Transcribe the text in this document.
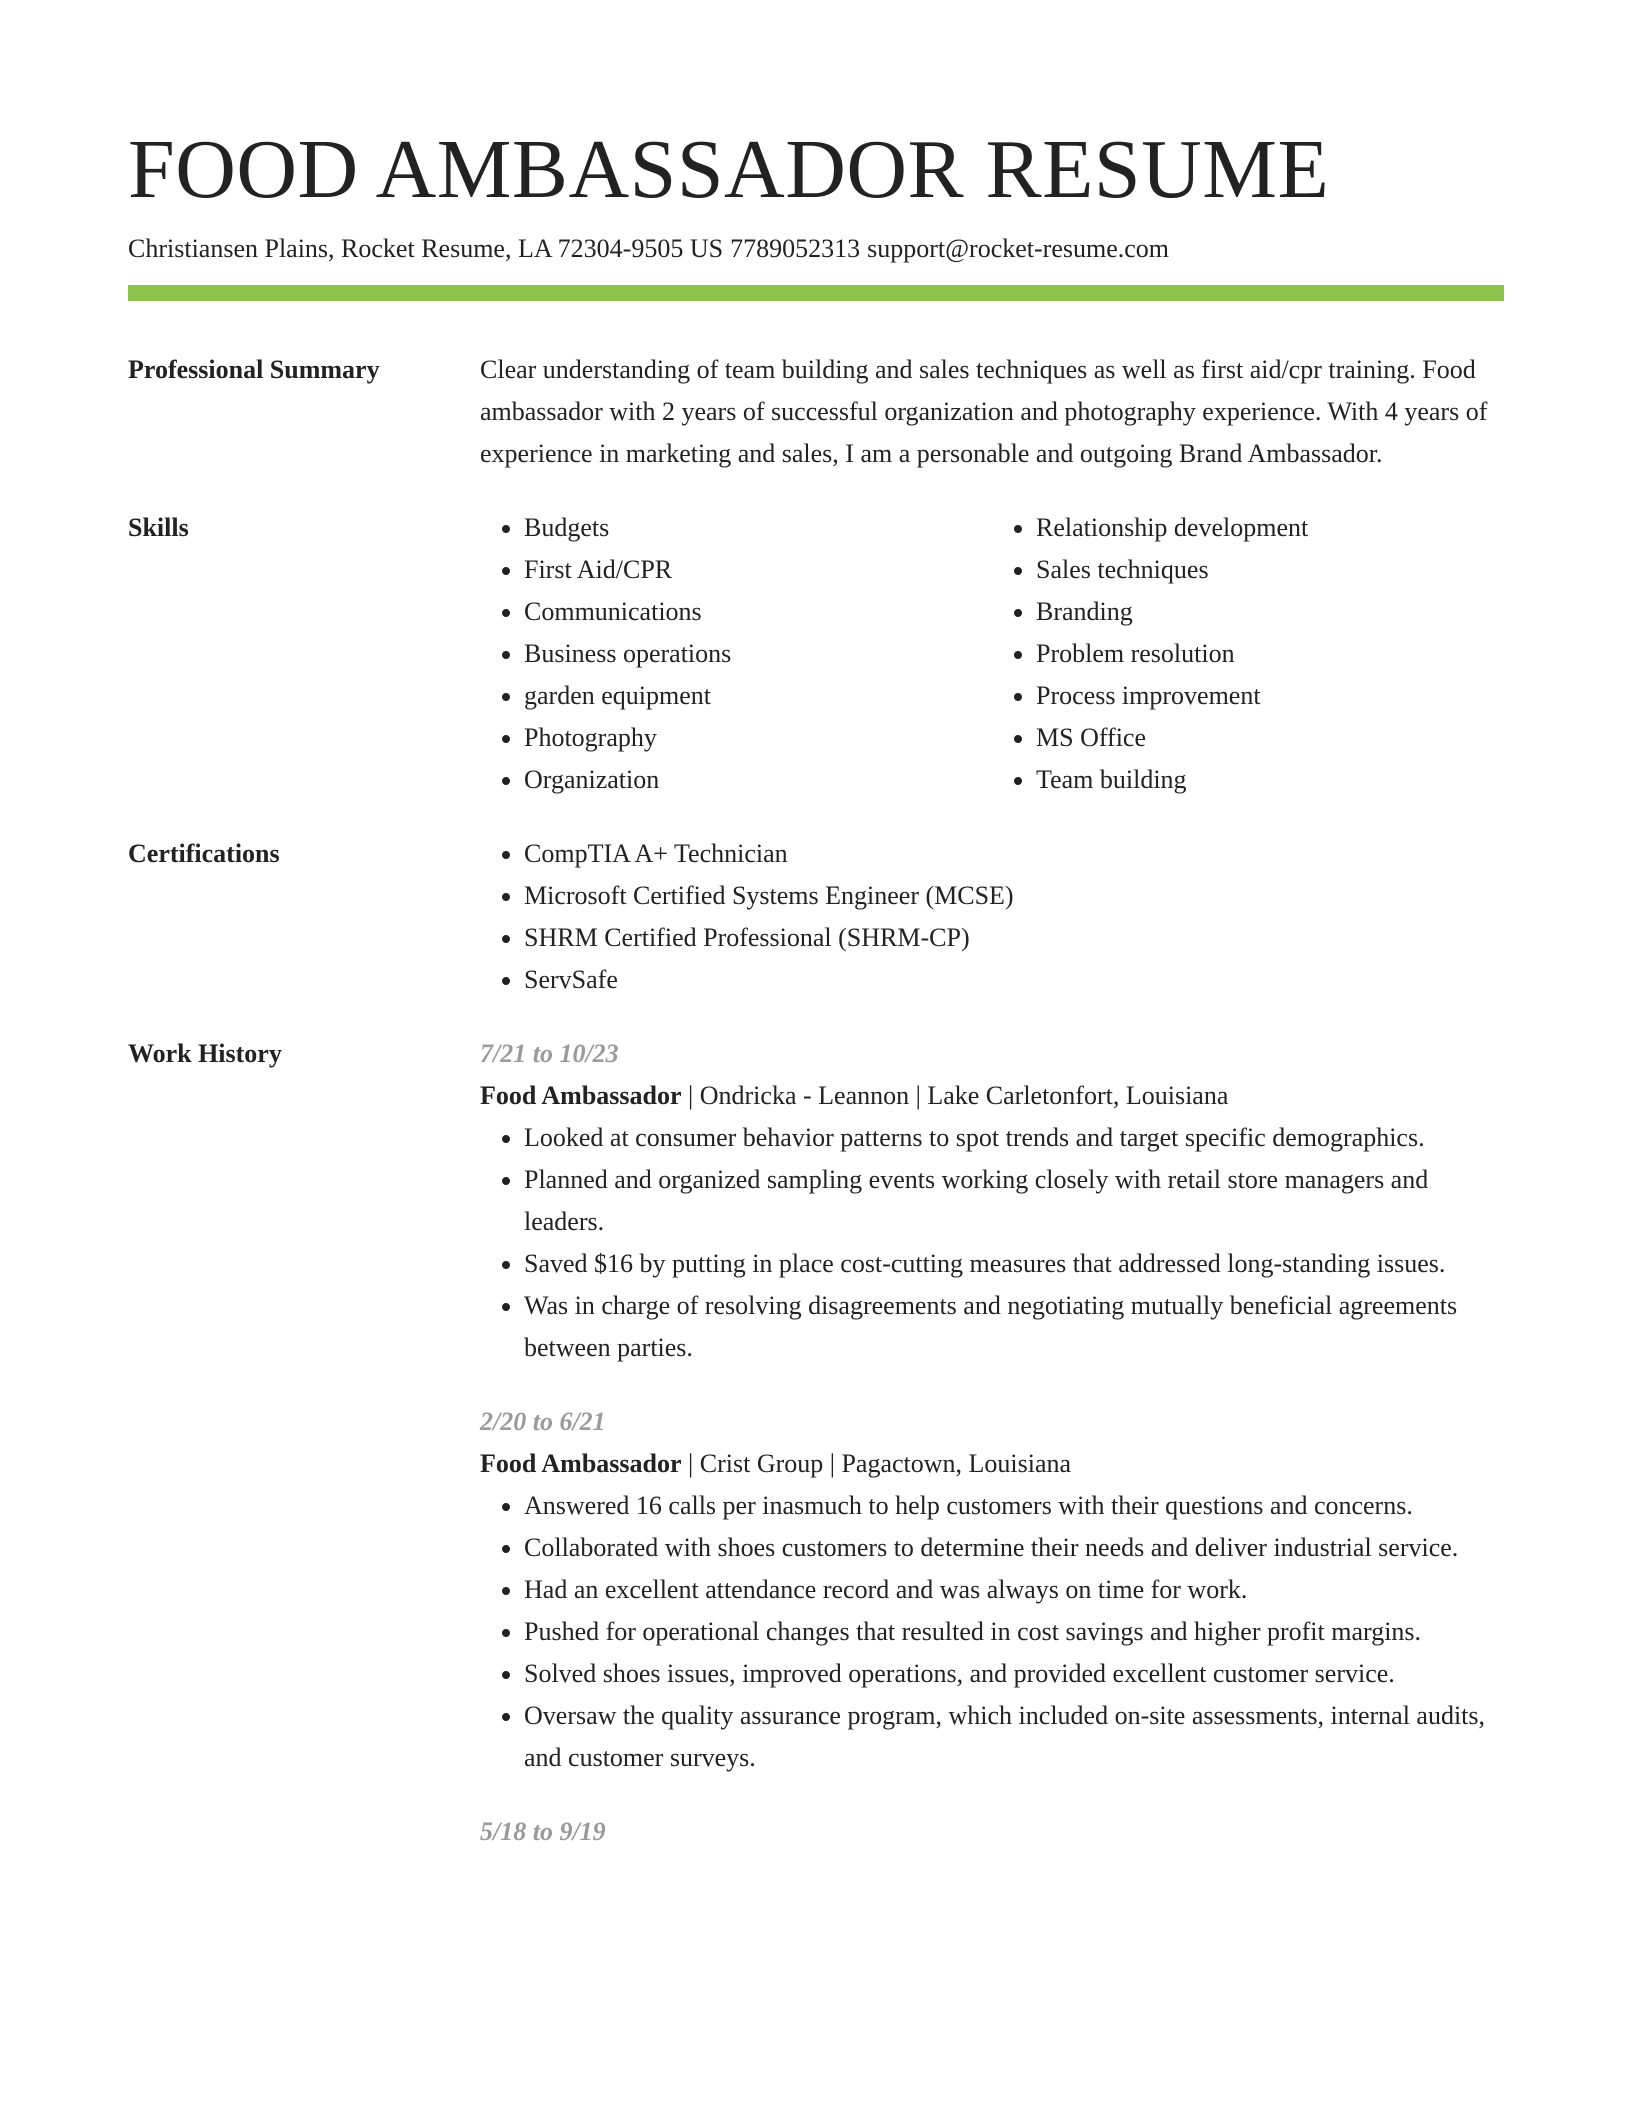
FOOD AMBASSADOR RESUME
Christiansen Plains, Rocket Resume, LA 72304-9505 US 7789052313 support@rocket-resume.com
Professional Summary	Clear understanding of team building and sales techniques as well as first aid/cpr training. Food ambassador with 2 years of successful organization and photography experience. With 4 years of experience in marketing and sales, I am a personable and outgoing Brand Ambassador.

Skills	• Budgets
• First Aid/CPR
• Communications
• Business operations
• garden equipment
• Photography
• Organization
• Relationship development
• Sales techniques
• Branding
• Problem resolution
• Process improvement
• MS Office
• Team building
Certifications	• CompTIA A+ Technician
• Microsoft Certified Systems Engineer (MCSE)
• SHRM Certified Professional (SHRM-CP)
• ServSafe
Work History	7/21 to 10/23
Food Ambassador | Ondricka - Leannon | Lake Carletonfort, Louisiana
• Looked at consumer behavior patterns to spot trends and target specific demographics.
• Planned and organized sampling events working closely with retail store managers and leaders.
• Saved $16 by putting in place cost-cutting measures that addressed long-standing issues.
• Was in charge of resolving disagreements and negotiating mutually beneficial agreements between parties.
2/20 to 6/21
Food Ambassador | Crist Group | Pagactown, Louisiana
• Answered 16 calls per inasmuch to help customers with their questions and concerns.
• Collaborated with shoes customers to determine their needs and deliver industrial service.
• Had an excellent attendance record and was always on time for work.
• Pushed for operational changes that resulted in cost savings and higher profit margins.
• Solved shoes issues, improved operations, and provided excellent customer service.
• Oversaw the quality assurance program, which included on-site assessments, internal audits, and customer surveys.
5/18 to 9/19
